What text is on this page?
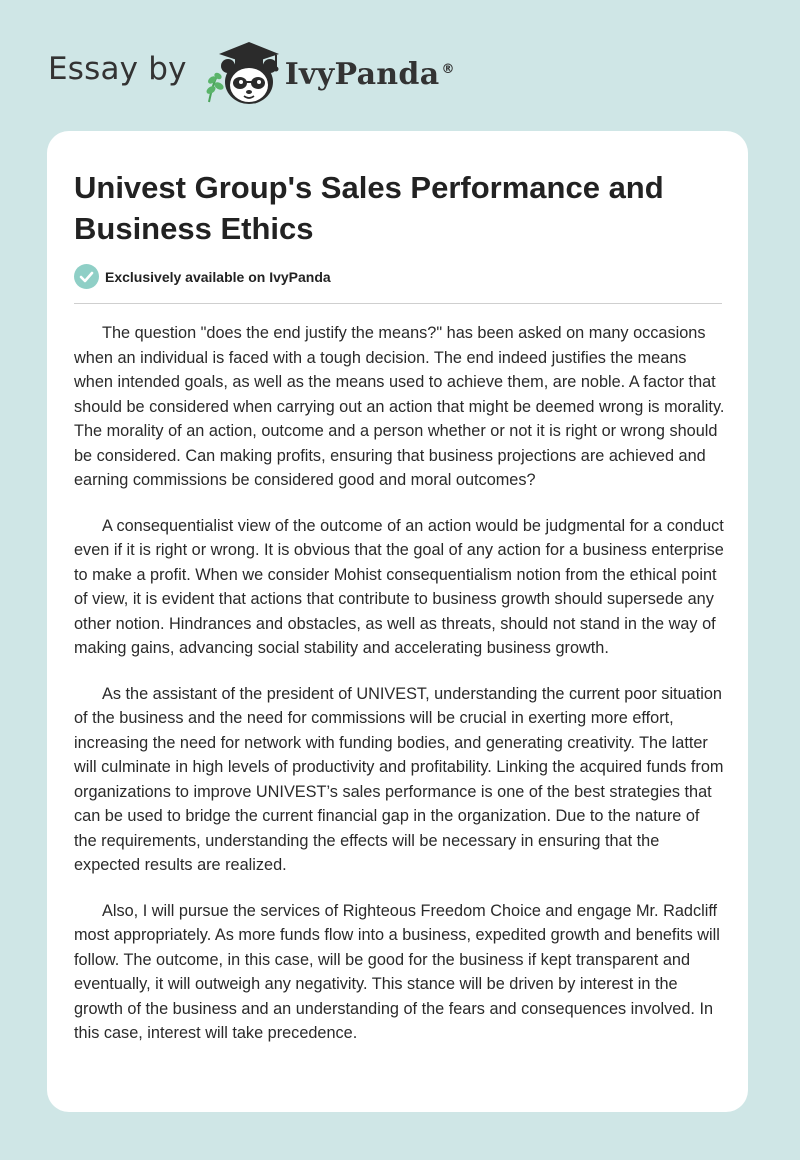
Essay by	IvyPanda ®
Univest Group's Sales Performance and Business Ethics
Exclusively available on IvyPanda

The question "does the end justify the means?" has been asked on many occasions when an individual is faced with a tough decision. The end indeed justifies the means when intended goals, as well as the means used to achieve them, are noble. A factor that should be considered when carrying out an action that might be deemed wrong is morality. The morality of an action, outcome and a person whether or not it is right or wrong should be considered. Can making profits, ensuring that business projections are achieved and earning commissions be considered good and moral outcomes?

A consequentialist view of the outcome of an action would be judgmental for a conduct even if it is right or wrong. It is obvious that the goal of any action for a business enterprise to make a profit. When we consider Mohist consequentialism notion from the ethical point of view, it is evident that actions that contribute to business growth should supersede any other notion. Hindrances and obstacles, as well as threats, should not stand in the way of making gains, advancing social stability and accelerating business growth.

As the assistant of the president of UNIVEST, understanding the current poor situation of the business and the need for commissions will be crucial in exerting more effort, increasing the need for network with funding bodies, and generating creativity. The latter will culminate in high levels of productivity and profitability. Linking the acquired funds from organizations to improve UNIVEST’s sales performance is one of the best strategies that can be used to bridge the current financial gap in the organization. Due to the nature of the requirements, understanding the effects will be necessary in ensuring that the expected results are realized.

Also, I will pursue the services of Righteous Freedom Choice and engage Mr. Radcliff most appropriately. As more funds flow into a business, expedited growth and benefits will follow. The outcome, in this case, will be good for the business if kept transparent and eventually, it will outweigh any negativity. This stance will be driven by interest in the growth of the business and an understanding of the fears and consequences involved. In this case, interest will take precedence.
